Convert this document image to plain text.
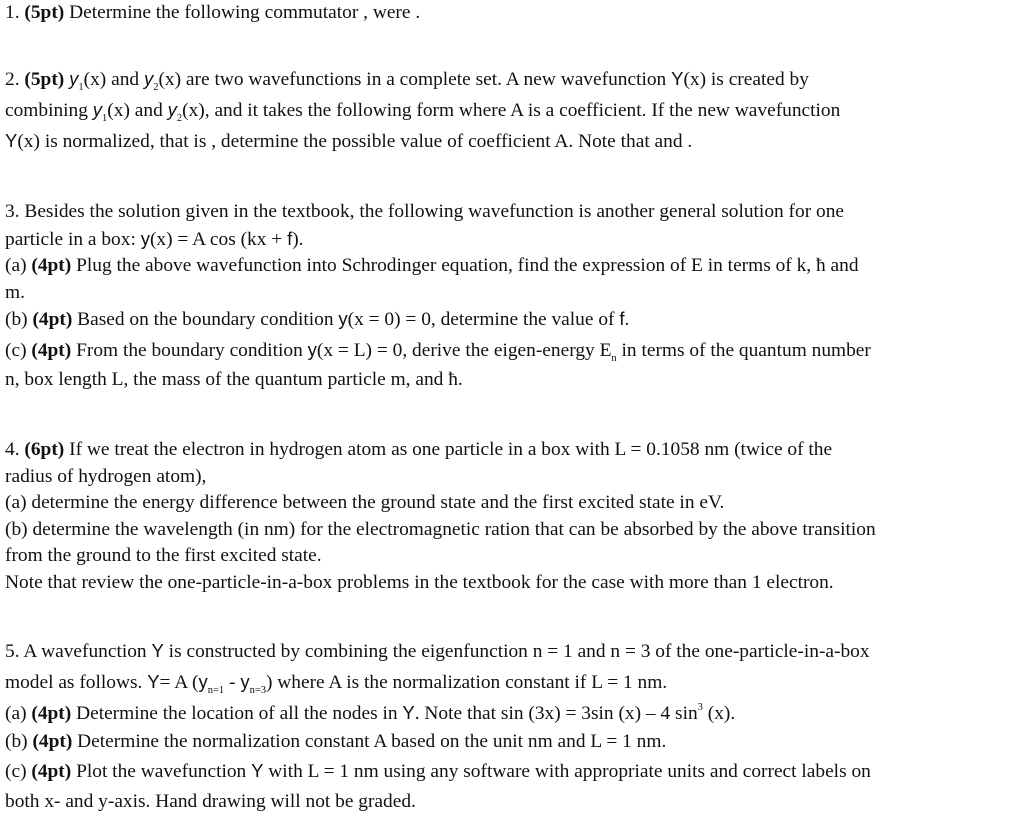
1. (5pt) Determine the following commutator , were .
2. (5pt) $y_1(x)$ and $y_2(x)$ are two wavefunctions in a complete set. A new wavefunction Y(x) is created by
combining $y_1(x)$ and $y_2(x)$, and it takes the following form where A is a coefficient. If the new wavefunction
Y(x) is normalized, that is , determine the possible value of coefficient A. Note that and .
3. Besides the solution given in the textbook, the following wavefunction is another general solution for one
particle in a box: y(x) = A cos (kx + f).
(a) (4pt) Plug the above wavefunction into Schrodinger equation, find the expression of E in terms of k, ħ and
m.
(b) (4pt) Based on the boundary condition y(x = 0) = 0, determine the value of f.
(c) (4pt) From the boundary condition y(x = L) = 0, derive the eigen-energy $E_n$ in terms of the quantum number
n, box length L, the mass of the quantum particle m, and ħ.
4. (6pt) If we treat the electron in hydrogen atom as one particle in a box with L = 0.1058 nm (twice of the
radius of hydrogen atom),
(a) determine the energy difference between the ground state and the first excited state in eV.
(b) determine the wavelength (in nm) for the electromagnetic ration that can be absorbed by the above transition
from the ground to the first excited state.
Note that review the one-particle-in-a-box problems in the textbook for the case with more than 1 electron.
5. A wavefunction Y is constructed by combining the eigenfunction n = 1 and n = 3 of the one-particle-in-a-box
model as follows. Y= A $(y_{n=1} - y_{n=3})$ where A is the normalization constant if L = 1 nm.
(a) (4pt) Determine the location of all the nodes in Y. Note that sin (3x) = 3sin (x) – 4 $\sin^3 (x)$.
(b) (4pt) Determine the normalization constant A based on the unit nm and L = 1 nm.
(c) (4pt) Plot the wavefunction Y with L = 1 nm using any software with appropriate units and correct labels on
both x- and y-axis. Hand drawing will not be graded.
